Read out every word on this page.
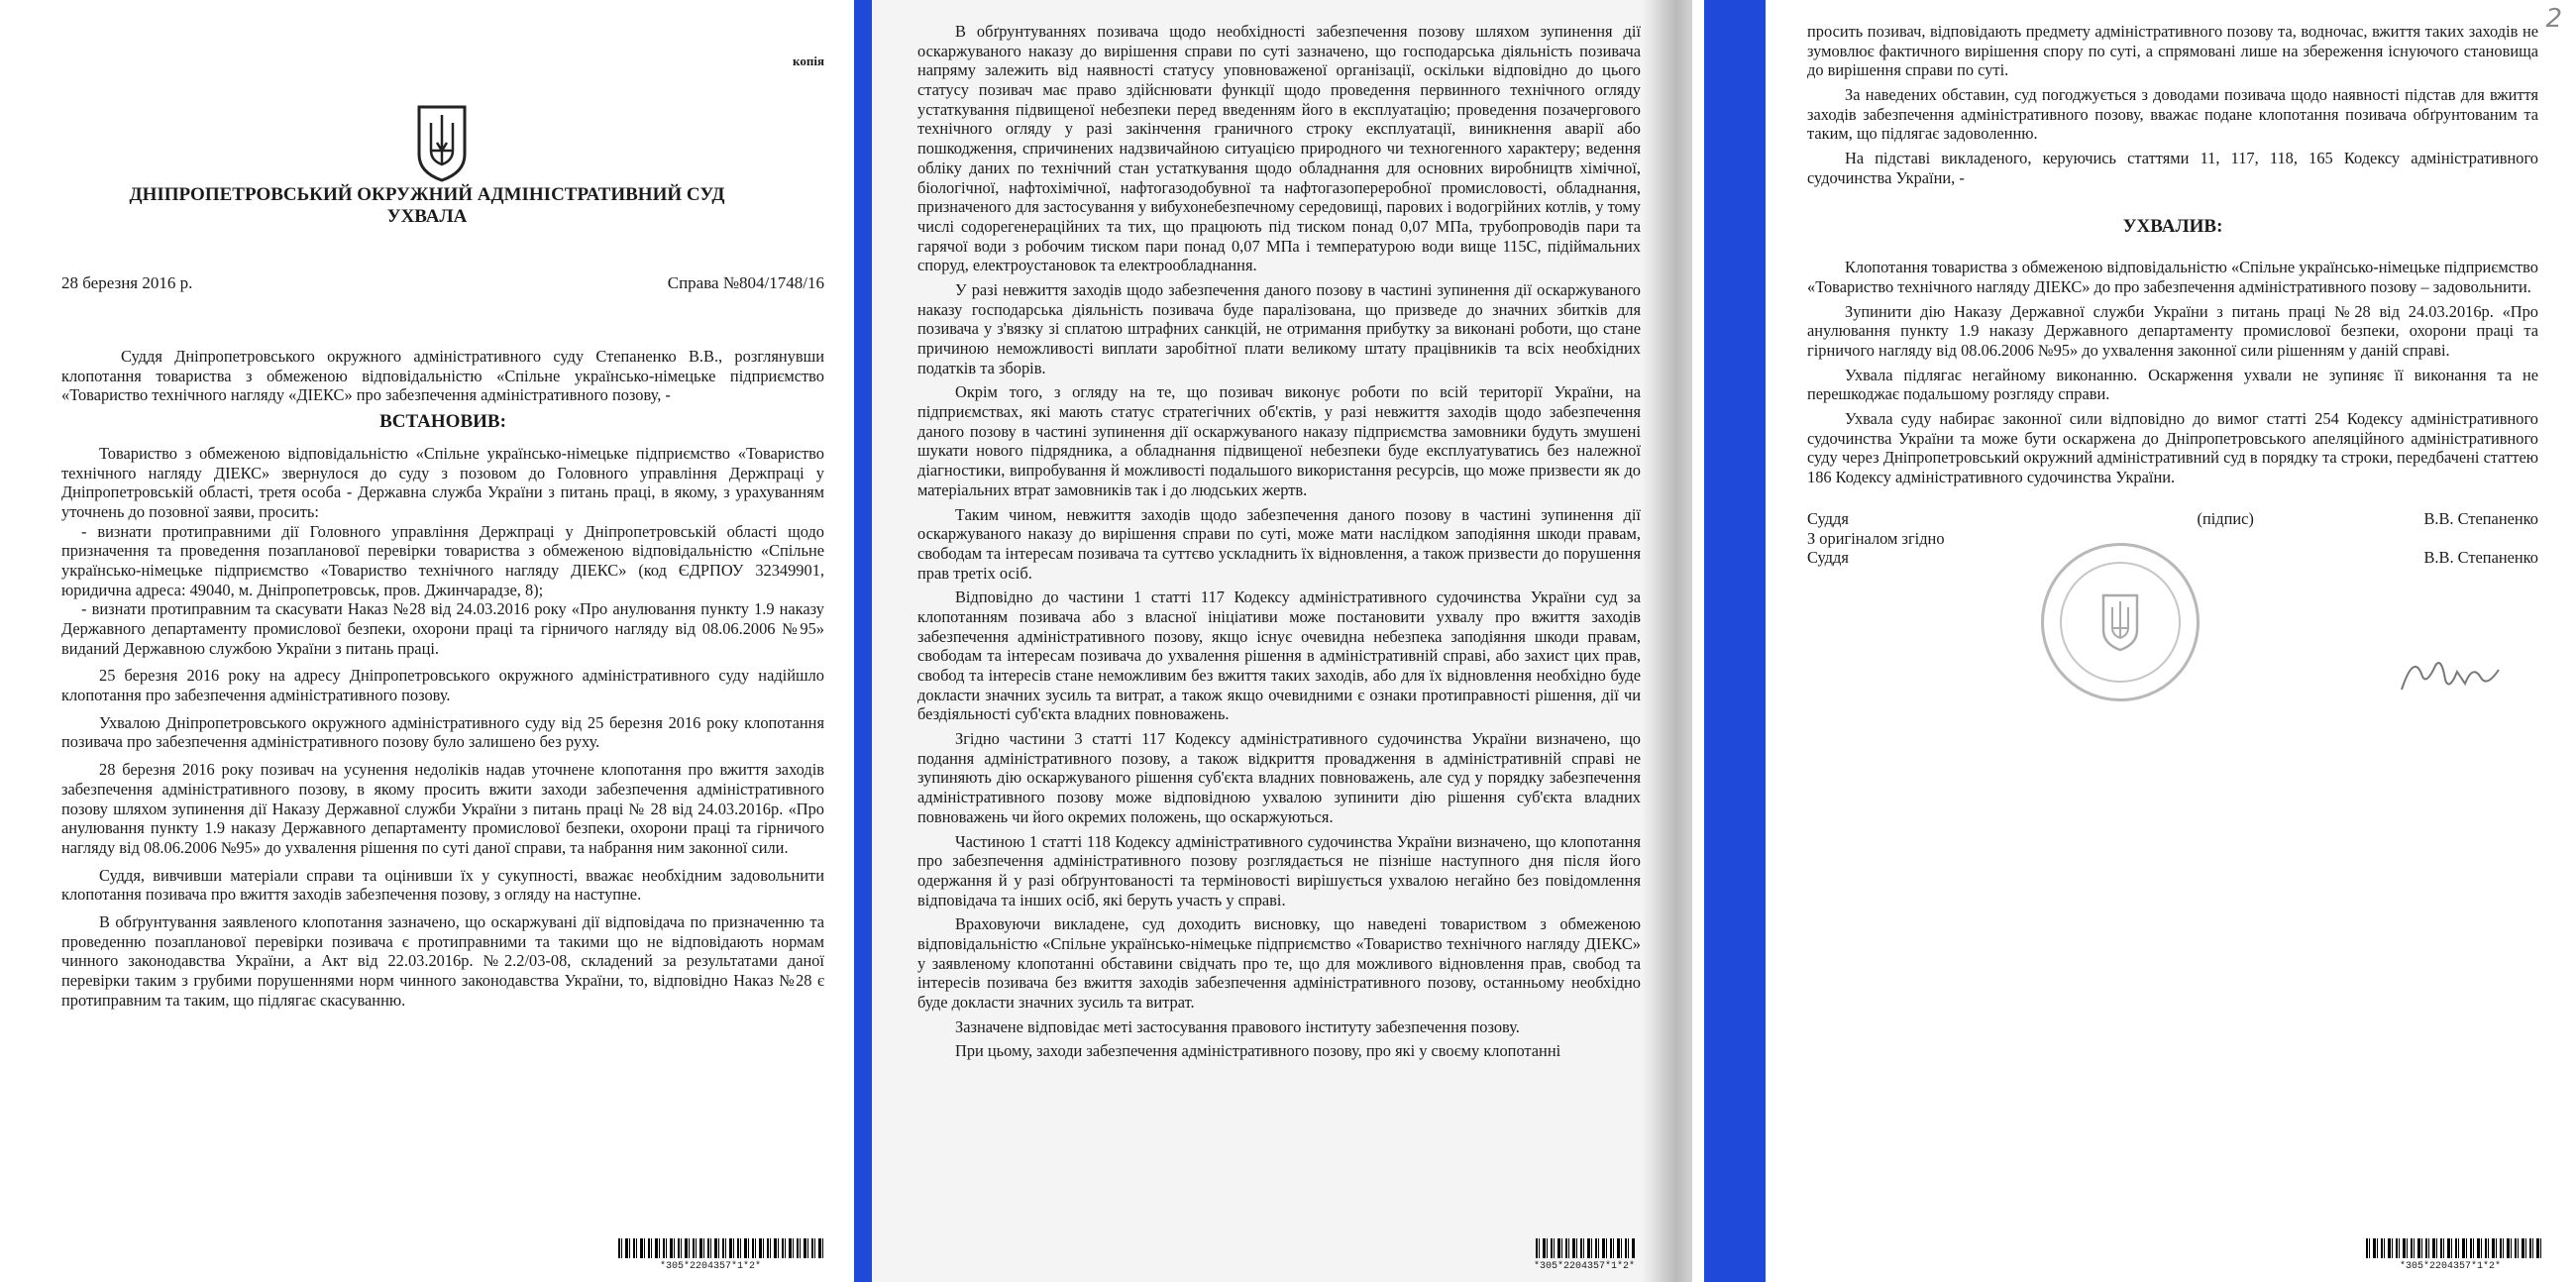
копія
ДНІПРОПЕТРОВСЬКИЙ ОКРУЖНИЙ АДМІНІСТРАТИВНИЙ СУД
УХВАЛА
28 березня 2016 р.	Справа №804/1748/16

Суддя Дніпропетровського окружного адміністративного суду Степаненко В.В., розглянувши клопотання товариства з обмеженою відповідальністю «Спільне українсько-німецьке підприємство «Товариство технічного нагляду «ДІЕКС» про забезпечення адміністративного позову, -

ВСТАНОВИВ:

Товариство з обмеженою відповідальністю «Спільне українсько-німецьке підприємство «Товариство технічного нагляду ДІЕКС» звернулося до суду з позовом до Головного управління Держпраці у Дніпропетровській області, третя особа - Державна служба України з питань праці, в якому, з урахуванням уточнень до позовної заяви, просить:

- визнати протиправними дії Головного управління Держпраці у Дніпропетровській області щодо призначення та проведення позапланової перевірки товариства з обмеженою відповідальністю «Спільне українсько-німецьке підприємство «Товариство технічного нагляду ДІЕКС» (код ЄДРПОУ 32349901, юридична адреса: 49040, м. Дніпропетровськ, пров. Джинчарадзе, 8);

- визнати протиправним та скасувати Наказ №28 від 24.03.2016 року «Про анулювання пункту 1.9 наказу Державного департаменту промислової безпеки, охорони праці та гірничого нагляду від 08.06.2006 №95» виданий Державною службою України з питань праці.

25 березня 2016 року на адресу Дніпропетровського окружного адміністративного суду надійшло клопотання про забезпечення адміністративного позову.

Ухвалою Дніпропетровського окружного адміністративного суду від 25 березня 2016 року клопотання позивача про забезпечення адміністративного позову було залишено без руху.

28 березня 2016 року позивач на усунення недоліків надав уточнене клопотання про вжиття заходів забезпечення адміністративного позову, в якому просить вжити заходи забезпечення адміністративного позову шляхом зупинення дії Наказу Державної служби України з питань праці № 28 від 24.03.2016р. «Про анулювання пункту 1.9 наказу Державного департаменту промислової безпеки, охорони праці та гірничого нагляду від 08.06.2006 №95» до ухвалення рішення по суті даної справи, та набрання ним законної сили.

Суддя, вивчивши матеріали справи та оцінивши їх у сукупності, вважає необхідним задовольнити клопотання позивача про вжиття заходів забезпечення позову, з огляду на наступне.

В обґрунтування заявленого клопотання зазначено, що оскаржувані дії відповідача по призначенню та проведенню позапланової перевірки позивача є протиправними та такими що не відповідають нормам чинного законодавства України, а Акт від 22.03.2016р. №2.2/03-08, складений за результатами даної перевірки таким з грубими порушеннями норм чинного законодавства України, то, відповідно Наказ №28 є протиправним та таким, що підлягає скасуванню.

*305*2204357*1*2*

В обґрунтуваннях позивача щодо необхідності забезпечення позову шляхом зупинення дії оскаржуваного наказу до вирішення справи по суті зазначено, що господарська діяльність позивача напряму залежить від наявності статусу уповноваженої організації, оскільки відповідно до цього статусу позивач має право здійснювати функції щодо проведення первинного технічного огляду устаткування підвищеної небезпеки перед введенням його в експлуатацію; проведення позачергового технічного огляду у разі закінчення граничного строку експлуатації, виникнення аварії або пошкодження, спричинених надзвичайною ситуацією природного чи техногенного характеру; ведення обліку даних по технічний стан устаткування щодо обладнання для основних виробництв хімічної, біологічної, нафтохімічної, нафтогазодобувної та нафтогазопереробної промисловості, обладнання, призначеного для застосування у вибухонебезпечному середовищі, парових і водогрійних котлів, у тому числі содорегенераційних та тих, що працюють під тиском понад 0,07 МПа, трубопроводів пари та гарячої води з робочим тиском пари понад 0,07 МПа і температурою води вище 115С, підіймальних споруд, електроустановок та електрообладнання.

У разі невжиття заходів щодо забезпечення даного позову в частині зупинення дії оскаржуваного наказу господарська діяльність позивача буде паралізована, що призведе до значних збитків для позивача у з'вязку зі сплатою штрафних санкцій, не отримання прибутку за виконані роботи, що стане причиною неможливості виплати заробітної плати великому штату працівників та всіх необхідних податків та зборів.

Окрім того, з огляду на те, що позивач виконує роботи по всій території України, на підприємствах, які мають статус стратегічних об'єктів, у разі невжиття заходів щодо забезпечення даного позову в частині зупинення дії оскаржуваного наказу підприємства замовники будуть змушені шукати нового підрядника, а обладнання підвищеної небезпеки буде експлуатуватись без належної діагностики, випробування й можливості подальшого використання ресурсів, що може призвести як до матеріальних втрат замовників так і до людських жертв.

Таким чином, невжиття заходів щодо забезпечення даного позову в частині зупинення дії оскаржуваного наказу до вирішення справи по суті, може мати наслідком заподіяння шкоди правам, свободам та інтересам позивача та суттєво ускладнить їх відновлення, а також призвести до порушення прав третіх осіб.

Відповідно до частини 1 статті 117 Кодексу адміністративного судочинства України суд за клопотанням позивача або з власної ініціативи може постановити ухвалу про вжиття заходів забезпечення адміністративного позову, якщо існує очевидна небезпека заподіяння шкоди правам, свободам та інтересам позивача до ухвалення рішення в адміністративній справі, або захист цих прав, свобод та інтересів стане неможливим без вжиття таких заходів, або для їх відновлення необхідно буде докласти значних зусиль та витрат, а також якщо очевидними є ознаки протиправності рішення, дії чи бездіяльності суб'єкта владних повноважень.

Згідно частини 3 статті 117 Кодексу адміністративного судочинства України визначено, що подання адміністративного позову, а також відкриття провадження в адміністративній справі не зупиняють дію оскаржуваного рішення суб'єкта владних повноважень, але суд у порядку забезпечення адміністративного позову може відповідною ухвалою зупинити дію рішення суб'єкта владних повноважень чи його окремих положень, що оскаржуються.

Частиною 1 статті 118 Кодексу адміністративного судочинства України визначено, що клопотання про забезпечення адміністративного позову розглядається не пізніше наступного дня після його одержання й у разі обґрунтованості та терміновості вирішується ухвалою негайно без повідомлення відповідача та інших осіб, які беруть участь у справі.

Враховуючи викладене, суд доходить висновку, що наведені товариством з обмеженою відповідальністю «Спільне українсько-німецьке підприємство «Товариство технічного нагляду ДІЕКС» у заявленому клопотанні обставини свідчать про те, що для можливого відновлення прав, свобод та інтересів позивача без вжиття заходів забезпечення адміністративного позову, останньому необхідно буде докласти значних зусиль та витрат.

Зазначене відповідає меті застосування правового інституту забезпечення позову.

При цьому, заходи забезпечення адміністративного позову, про які у своєму клопотанні

*305*2204357*1*2*
2

просить позивач, відповідають предмету адміністративного позову та, водночас, вжиття таких заходів не зумовлює фактичного вирішення спору по суті, а спрямовані лише на збереження існуючого становища до вирішення справи по суті.

За наведених обставин, суд погоджується з доводами позивача щодо наявності підстав для вжиття заходів забезпечення адміністративного позову, вважає подане клопотання позивача обґрунтованим та таким, що підлягає задоволенню.

На підставі викладеного, керуючись статтями 11, 117, 118, 165 Кодексу адміністративного судочинства України, -

УХВАЛИВ:

Клопотання товариства з обмеженою відповідальністю «Спільне українсько-німецьке підприємство «Товариство технічного нагляду ДІЕКС» до про забезпечення адміністративного позову – задовольнити.

Зупинити дію Наказу Державної служби України з питань праці №28 від 24.03.2016р. «Про анулювання пункту 1.9 наказу Державного департаменту промислової безпеки, охорони праці та гірничого нагляду від 08.06.2006 №95» до ухвалення законної сили рішенням у даній справі.

Ухвала підлягає негайному виконанню. Оскарження ухвали не зупиняє її виконання та не перешкоджає подальшому розгляду справи.

Ухвала суду набирає законної сили відповідно до вимог статті 254 Кодексу адміністративного судочинства України та може бути оскаржена до Дніпропетровського апеляційного адміністративного суду через Дніпропетровський окружний адміністративний суд в порядку та строки, передбачені статтею 186 Кодексу адміністративного судочинства України.

Суддя	(підпис)	В.В. Степаненко
З оригіналом згідно
Суддя	В.В. Степаненко
*305*2204357*1*2*
